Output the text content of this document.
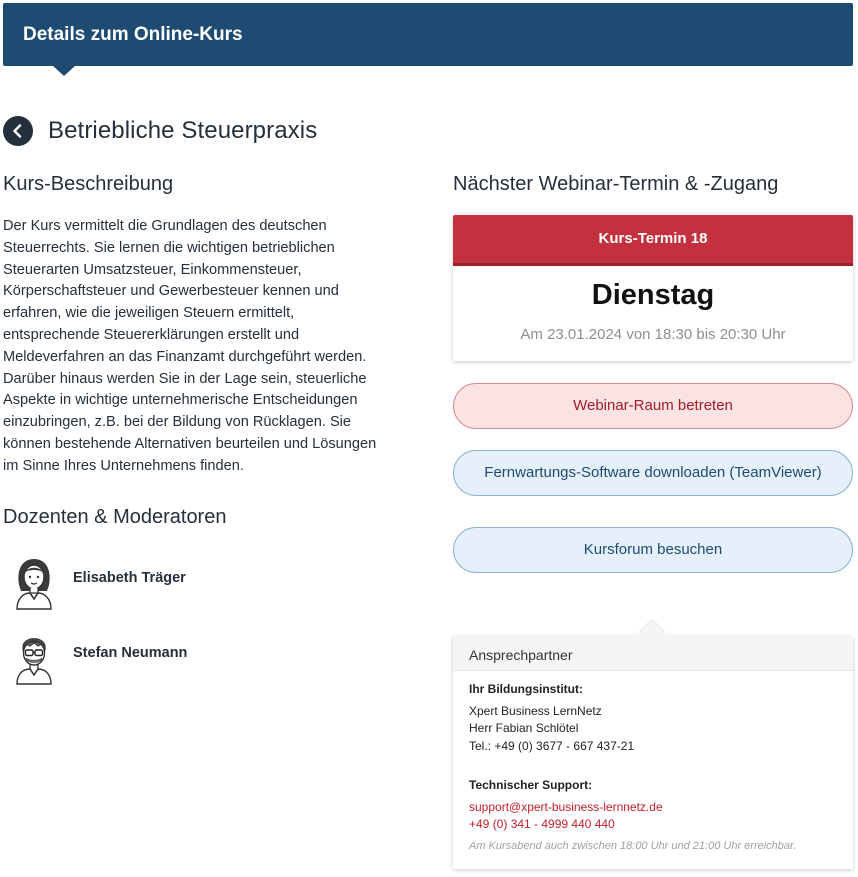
Details zum Online-Kurs
Betriebliche Steuerpraxis
Kurs-Beschreibung
Der Kurs vermittelt die Grundlagen des deutschen
Steuerrechts. Sie lernen die wichtigen betrieblichen
Steuerarten Umsatzsteuer, Einkommensteuer,
Körperschaftsteuer und Gewerbesteuer kennen und
erfahren, wie die jeweiligen Steuern ermittelt,
entsprechende Steuererklärungen erstellt und
Meldeverfahren an das Finanzamt durchgeführt werden.
Darüber hinaus werden Sie in der Lage sein, steuerliche
Aspekte in wichtige unternehmerische Entscheidungen
einzubringen, z.B. bei der Bildung von Rücklagen. Sie
können bestehende Alternativen beurteilen und Lösungen
im Sinne Ihres Unternehmens finden.
Dozenten & Moderatoren
Elisabeth Träger
Stefan Neumann
Nächster Webinar-Termin & -Zugang
Kurs-Termin 18
Dienstag
Am 23.01.2024 von 18:30 bis 20:30 Uhr
Webinar-Raum betreten
Fernwartungs-Software downloaden (TeamViewer)
Kursforum besuchen
Ansprechpartner
Ihr Bildungsinstitut:
Xpert Business LernNetz
Herr Fabian Schlötel
Tel.: +49 (0) 3677 - 667 437-21
Technischer Support:
support@xpert-business-lernnetz.de
+49 (0) 341 - 4999 440 440
Am Kursabend auch zwischen 18:00 Uhr und 21:00 Uhr erreichbar.
